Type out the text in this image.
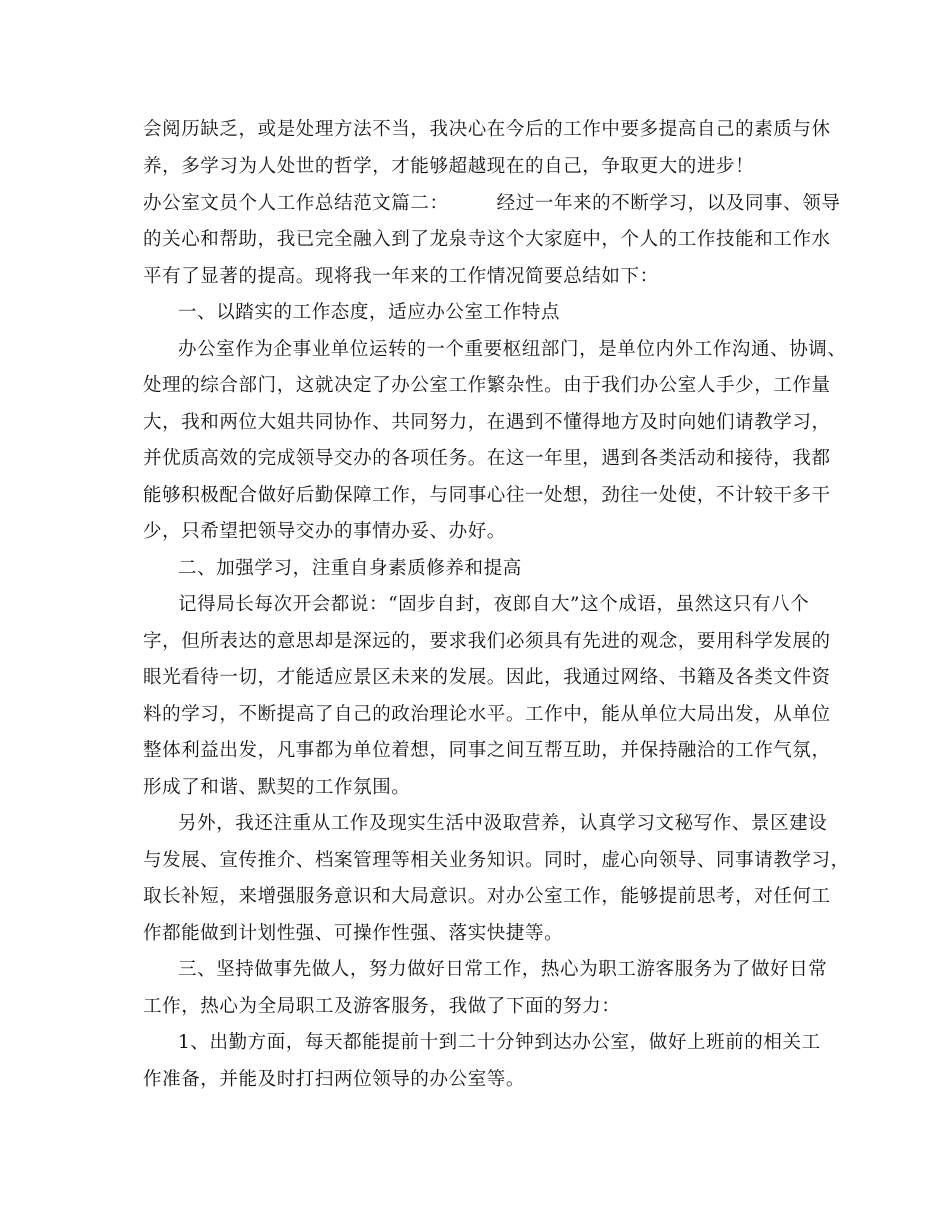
会阅历缺乏，或是处理方法不当，我决心在今后的工作中要多提高自己的素质与休
养，多学习为人处世的哲学，才能够超越现在的自己，争取更大的进步！
办公室文员个人工作总结范文篇二：　　　经过一年来的不断学习，以及同事、领导
的关心和帮助，我已完全融入到了龙泉寺这个大家庭中，个人的工作技能和工作水
平有了显著的提高。现将我一年来的工作情况简要总结如下：
一、以踏实的工作态度，适应办公室工作特点
办公室作为企事业单位运转的一个重要枢纽部门，是单位内外工作沟通、协调、
处理的综合部门，这就决定了办公室工作繁杂性。由于我们办公室人手少，工作量
大，我和两位大姐共同协作、共同努力，在遇到不懂得地方及时向她们请教学习，
并优质高效的完成领导交办的各项任务。在这一年里，遇到各类活动和接待，我都
能够积极配合做好后勤保障工作，与同事心往一处想，劲往一处使，不计较干多干
少，只希望把领导交办的事情办妥、办好。
二、加强学习，注重自身素质修养和提高
记得局长每次开会都说：“固步自封，夜郎自大”这个成语，虽然这只有八个
字，但所表达的意思却是深远的，要求我们必须具有先进的观念，要用科学发展的
眼光看待一切，才能适应景区未来的发展。因此，我通过网络、书籍及各类文件资
料的学习，不断提高了自己的政治理论水平。工作中，能从单位大局出发，从单位
整体利益出发，凡事都为单位着想，同事之间互帮互助，并保持融洽的工作气氛，
形成了和谐、默契的工作氛围。
另外，我还注重从工作及现实生活中汲取营养，认真学习文秘写作、景区建设
与发展、宣传推介、档案管理等相关业务知识。同时，虚心向领导、同事请教学习，
取长补短，来增强服务意识和大局意识。对办公室工作，能够提前思考，对任何工
作都能做到计划性强、可操作性强、落实快捷等。
三、坚持做事先做人，努力做好日常工作，热心为职工游客服务为了做好日常
工作，热心为全局职工及游客服务，我做了下面的努力：
1、出勤方面，每天都能提前十到二十分钟到达办公室，做好上班前的相关工
作准备，并能及时打扫两位领导的办公室等。
